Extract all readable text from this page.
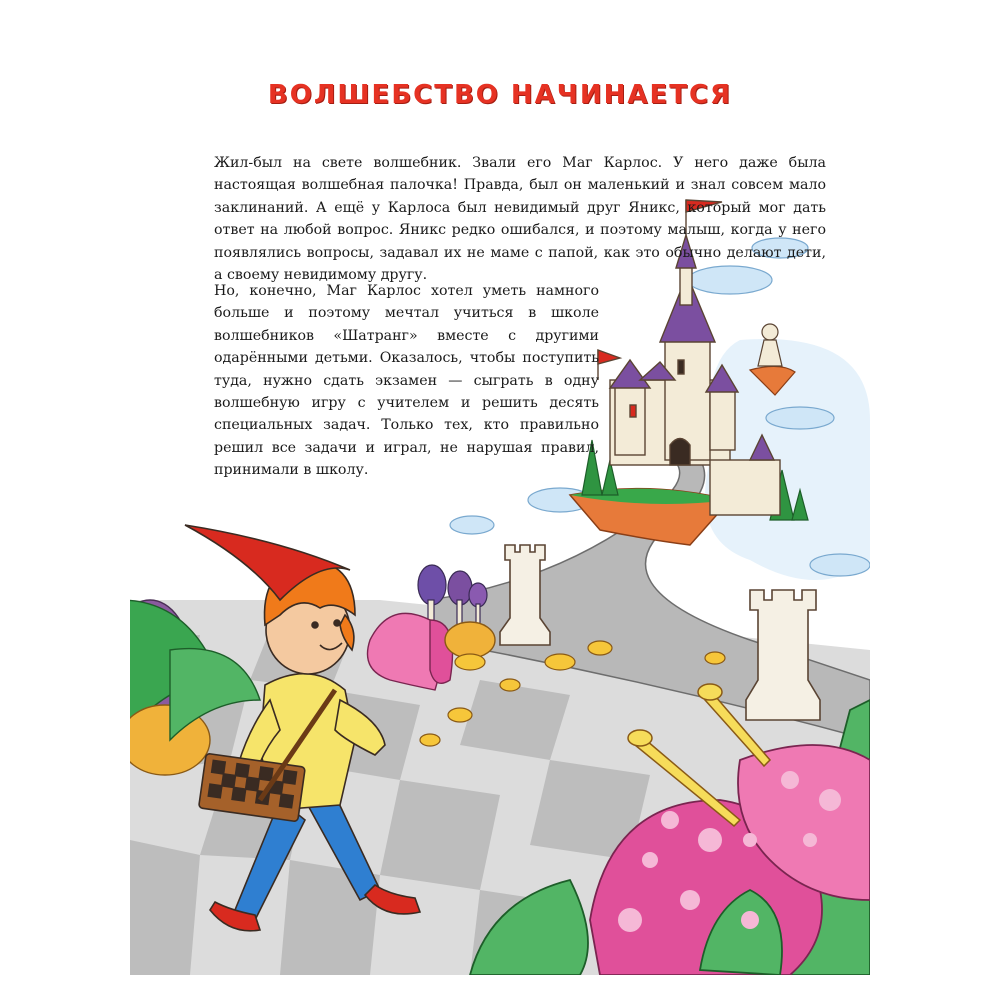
ВОЛШЕБСТВО НАЧИНАЕТСЯ

Жил-был на свете волшебник. Звали его Маг Карлос. У него даже была настоящая волшебная палочка! Правда, был он маленький и знал совсем мало заклинаний. А ещё у Карлоса был невидимый друг Яникс, который мог дать ответ на любой вопрос. Яникс редко ошибался, и поэтому малыш, когда у него появлялись вопросы, задавал их не маме с папой, как это обычно делают дети, а своему невидимому другу.

Но, конечно, Маг Карлос хотел уметь намного больше и поэтому мечтал учиться в школе волшебников «Шатранг» вместе с другими одарёнными детьми. Оказалось, чтобы поступить туда, нужно сдать экзамен — сыграть в одну волшебную игру с учителем и решить десять специальных задач. Только тех, кто правильно решил все задачи и играл, не нарушая правил, принимали в школу.
